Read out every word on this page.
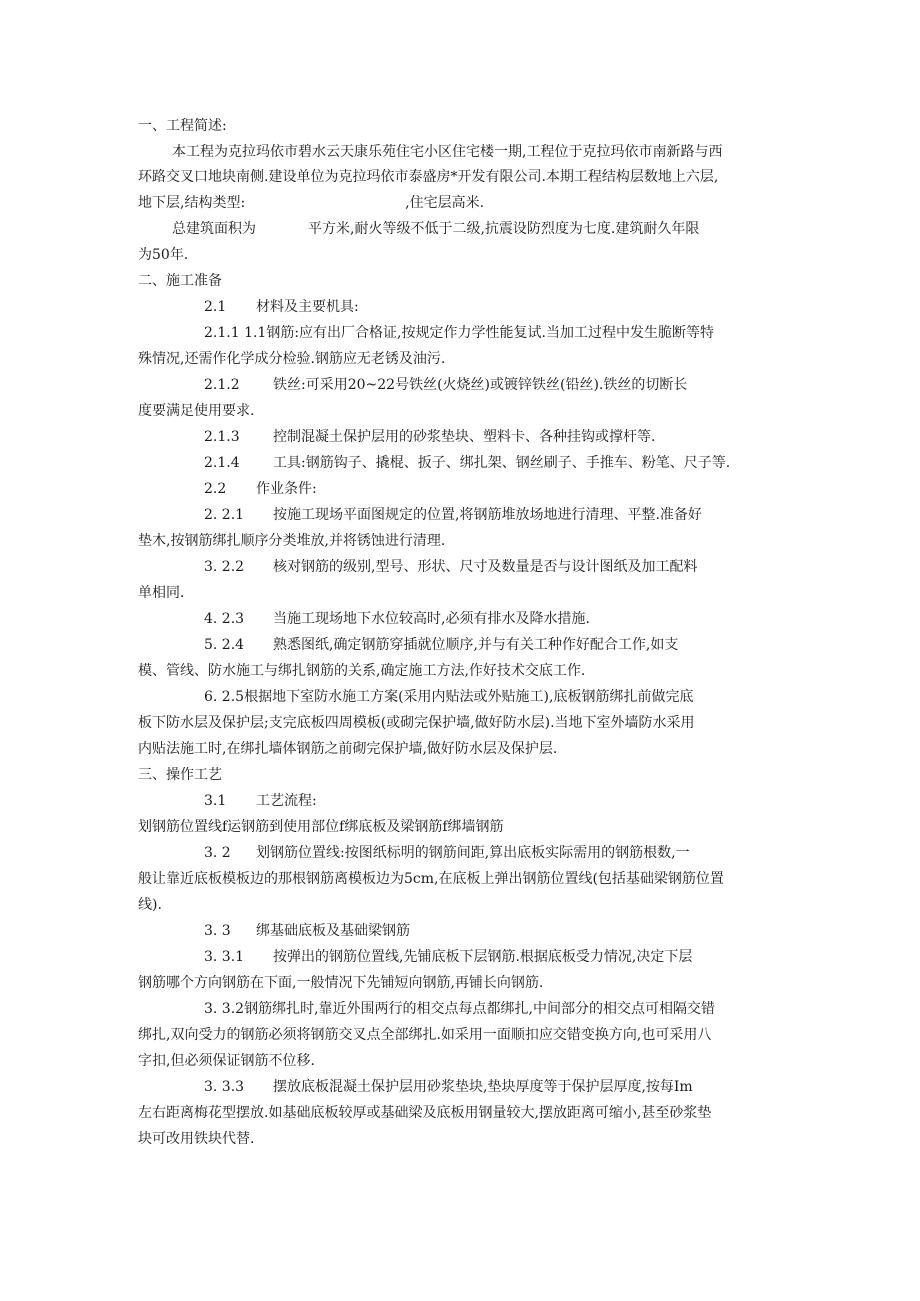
一、工程简述:
本工程为克拉玛依市碧水云天康乐苑住宅小区住宅楼一期,工程位于克拉玛依市南新路与西
环路交叉口地块南侧.建设单位为克拉玛依市泰盛房*开发有限公司.本期工程结构层数地上六层,
地下层,结构类型:	,住宅层高米.
总建筑面积为	平方米,耐火等级不低于二级,抗震设防烈度为七度.建筑耐久年限
为50年.
二、施工准备
2.1 材料及主要机具:
2.1.1 1.1钢筋:应有出厂合格证,按规定作力学性能复试.当加工过程中发生脆断等特
殊情况,还需作化学成分检验.钢筋应无老锈及油污.
2.1.2 铁丝:可采用20~22号铁丝(火烧丝)或镀锌铁丝(铅丝).铁丝的切断长
度要满足使用要求.
2.1.3 控制混凝土保护层用的砂浆垫块、塑料卡、各种挂钩或撑杆等.
2.1.4 工具:钢筋钩子、撬棍、扳子、绑扎架、钢丝刷子、手推车、粉笔、尺子等.
2.2 作业条件:
2. 2.1 按施工现场平面图规定的位置,将钢筋堆放场地进行清理、平整.准备好
垫木,按钢筋绑扎顺序分类堆放,并将锈蚀进行清理.
3. 2.2 核对钢筋的级别,型号、形状、尺寸及数量是否与设计图纸及加工配料
单相同.
4. 2.3 当施工现场地下水位较高时,必须有排水及降水措施.
5. 2.4 熟悉图纸,确定钢筋穿插就位顺序,并与有关工种作好配合工作,如支
模、管线、防水施工与绑扎钢筋的关系,确定施工方法,作好技术交底工作.
6. 2.5根据地下室防水施工方案(采用内贴法或外贴施工),底板钢筋绑扎前做完底
板下防水层及保护层;支完底板四周模板(或砌完保护墙,做好防水层).当地下室外墙防水采用
内贴法施工时,在绑扎墙体钢筋之前砌完保护墙,做好防水层及保护层.
三、操作工艺
3.1 工艺流程:
划钢筋位置线f运钢筋到使用部位f绑底板及梁钢筋f绑墙钢筋
3. 2 划钢筋位置线:按图纸标明的钢筋间距,算出底板实际需用的钢筋根数,一
般让靠近底板模板边的那根钢筋离模板边为5cm,在底板上弹出钢筋位置线(包括基础梁钢筋位置
线).
3. 3 绑基础底板及基础梁钢筋
3. 3.1 按弹出的钢筋位置线,先铺底板下层钢筋.根据底板受力情况,决定下层
钢筋哪个方向钢筋在下面,一般情况下先铺短向钢筋,再铺长向钢筋.
3. 3.2钢筋绑扎时,靠近外围两行的相交点每点都绑扎,中间部分的相交点可相隔交错
绑扎,双向受力的钢筋必须将钢筋交叉点全部绑扎.如采用一面顺扣应交错变换方向,也可采用八
字扣,但必须保证钢筋不位移.
3. 3.3 摆放底板混凝土保护层用砂浆垫块,垫块厚度等于保护层厚度,按每Im
左右距离梅花型摆放.如基础底板较厚或基础梁及底板用钢量较大,摆放距离可缩小,甚至砂浆垫
块可改用铁块代替.
